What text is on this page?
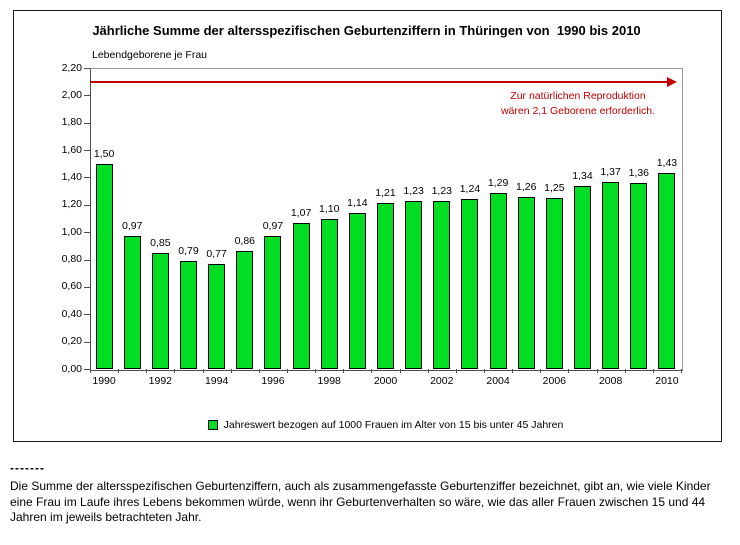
Jährliche Summe der altersspezifischen Geburtenziffern in Thüringen von  1990 bis 2010
Lebendgeborene je Frau
Zur natürlichen Reproduktion
wären 2,1 Geborene erforderlich.
Jahreswert bezogen auf 1000 Frauen im Alter von 15 bis unter 45 Jahren
-------
Die Summe der altersspezifischen Geburtenziffern, auch als zusammengefasste Geburtenziffer bezeichnet, gibt an, wie viele Kinder eine Frau im Laufe ihres Lebens bekommen würde, wenn ihr Geburtenverhalten so wäre, wie das aller Frauen zwischen 15 und 44 Jahren im jeweils betrachteten Jahr.
0,00
0,20
0,40
0,60
0,80
1,00
1,20
1,40
1,60
1,80
2,00
2,20
1,50
1990
0,97
0,85
1992
0,79 0,77
1994
0,86
0,97
1996
1,07 1,10
1998
1,14
1,21
2000
1,23 1,23
2002
1,24
1,29
2004
1,26 1,25
2006
1,34 1,37
2008
1,36
1,43
2010
